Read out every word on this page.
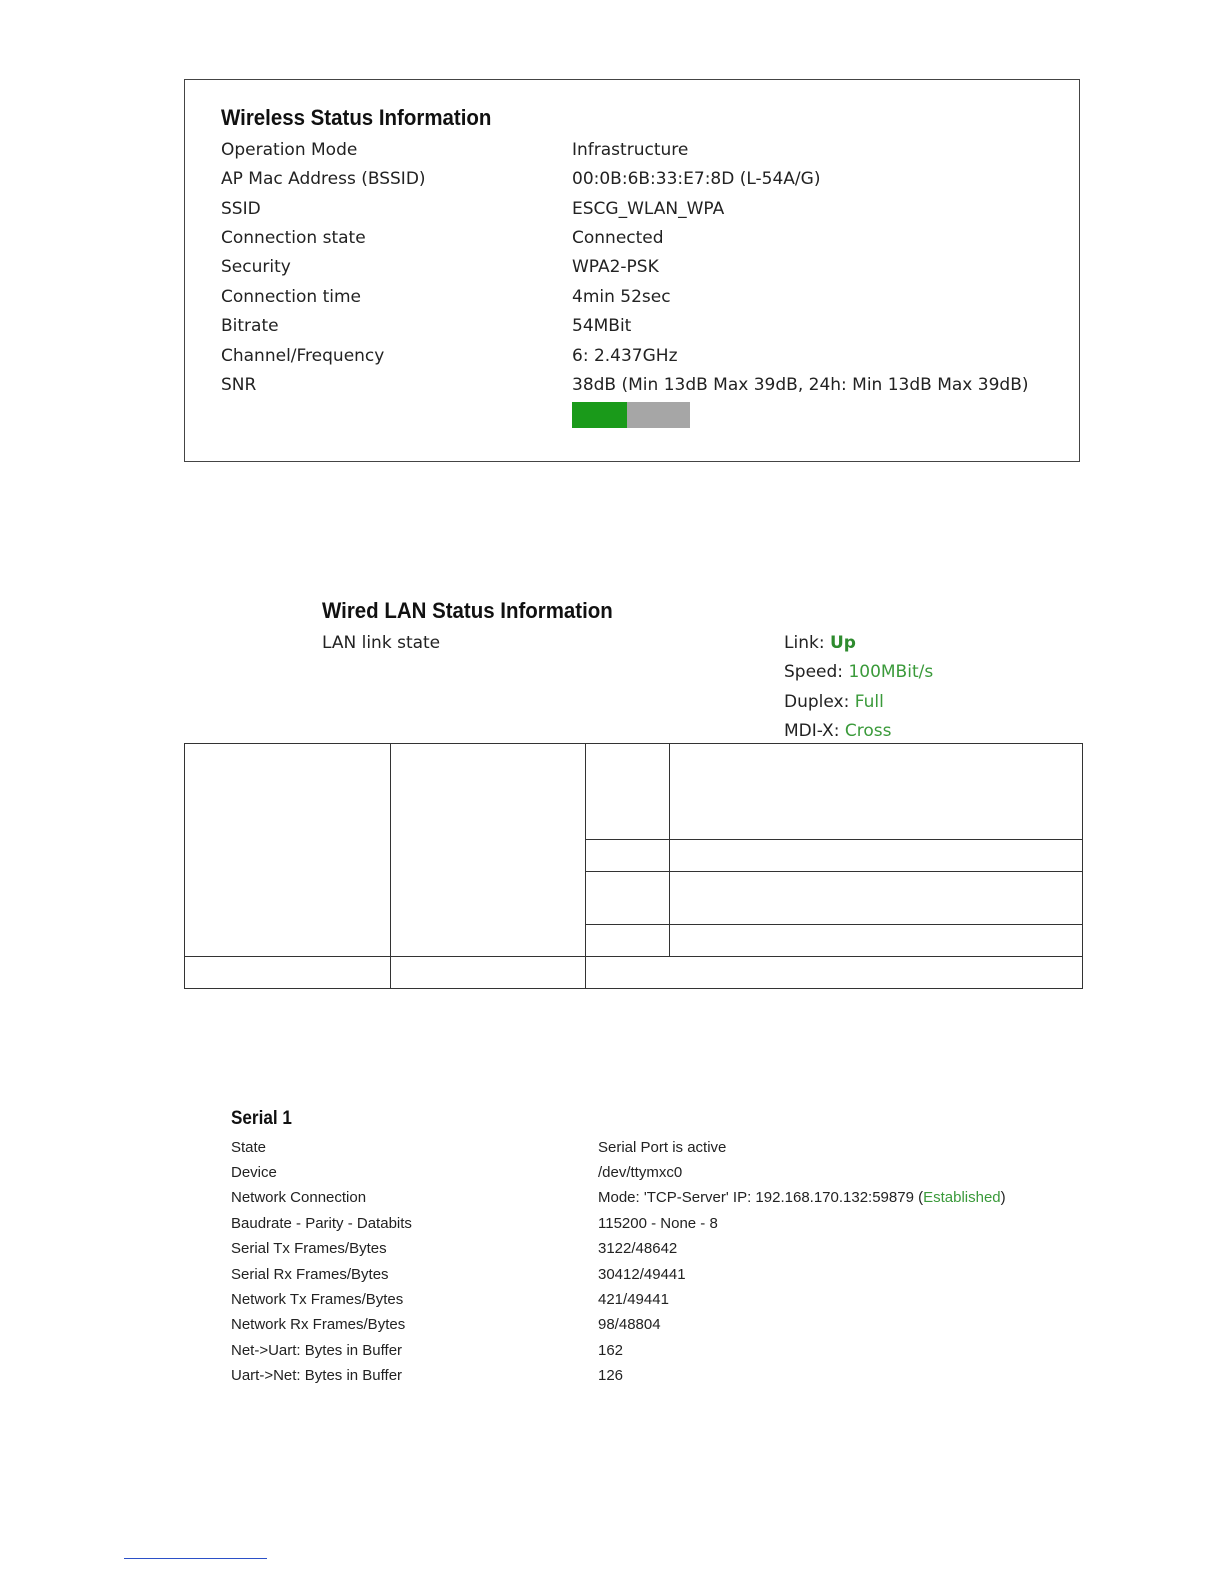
Wireless Status Information
Operation Mode	Infrastructure
AP Mac Address (BSSID)	00:0B:6B:33:E7:8D (L-54A/G)
SSID	ESCG_WLAN_WPA
Connection state	Connected
Security	WPA2-PSK
Connection time	4min 52sec
Bitrate	54MBit
Channel/Frequency	6: 2.437GHz
SNR	38dB (Min 13dB Max 39dB, 24h: Min 13dB Max 39dB)
Wired LAN Status Information
LAN link state	Link: Up
Speed: 100MBit/s
Duplex: Full
MDI-X: Cross

Serial 1
State	Serial Port is active
Device	/dev/ttymxc0
Network Connection	Mode: 'TCP-Server' IP: 192.168.170.132:59879 (Established)
Baudrate - Parity - Databits	115200 - None - 8
Serial Tx Frames/Bytes	3122/48642
Serial Rx Frames/Bytes	30412/49441
Network Tx Frames/Bytes	421/49441
Network Rx Frames/Bytes	98/48804
Net->Uart: Bytes in Buffer	162
Uart->Net: Bytes in Buffer	126
